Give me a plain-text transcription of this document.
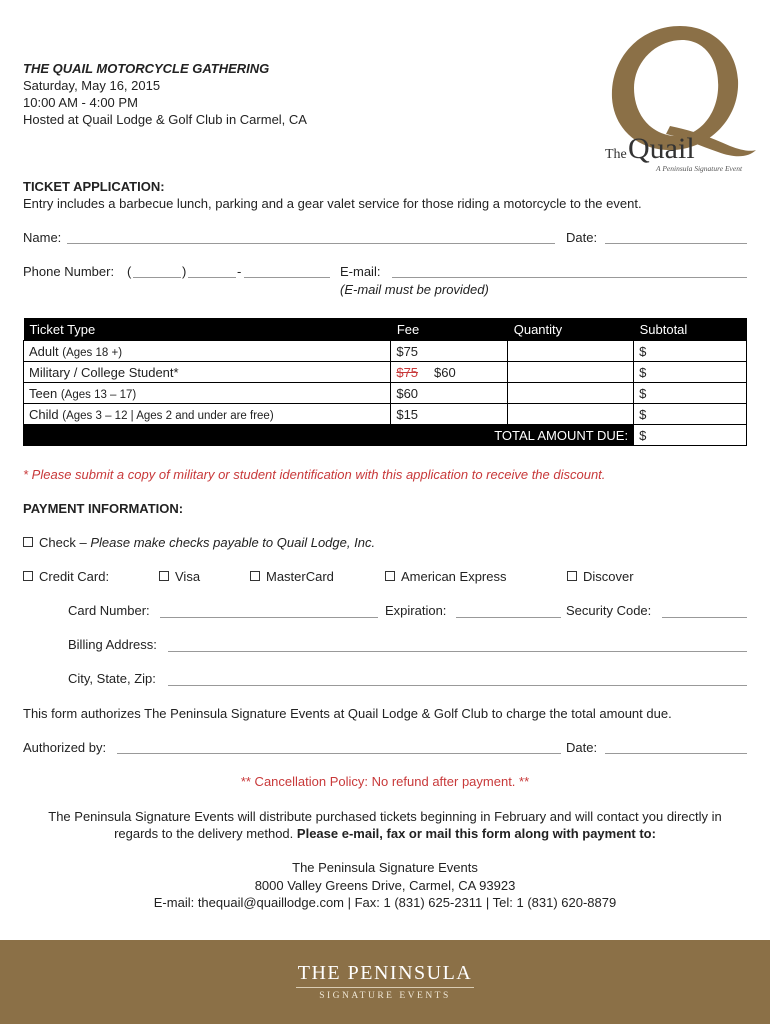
THE QUAIL MOTORCYCLE GATHERING
Saturday, May 16, 2015
10:00 AM - 4:00 PM
Hosted at Quail Lodge & Golf Club in Carmel, CA
The Quail
A Peninsula Signature Event
TICKET APPLICATION:
Entry includes a barbecue lunch, parking and a gear valet service for those riding a motorcycle to the event.
Name:	Date:
Phone Number: (	)	-	E-mail:
(E-mail must be provided)
Ticket Type	Fee	Quantity	Subtotal
Adult (Ages 18 +)	$75		$
Military / College Student*	$75 $60		$
Teen (Ages 13 – 17)	$60		$
Child (Ages 3 – 12 | Ages 2 and under are free)	$15		$
TOTAL AMOUNT DUE:			$
* Please submit a copy of military or student identification with this application to receive the discount.
PAYMENT INFORMATION:
Check – Please make checks payable to Quail Lodge, Inc.
Credit Card:	Visa	MasterCard	American Express	Discover
Card Number:	Expiration:	Security Code:
Billing Address:
City, State, Zip:
This form authorizes The Peninsula Signature Events at Quail Lodge & Golf Club to charge the total amount due.
Authorized by:	Date:
** Cancellation Policy: No refund after payment. **
The Peninsula Signature Events will distribute purchased tickets beginning in February and will contact you directly in
regards to the delivery method. Please e-mail, fax or mail this form along with payment to:
The Peninsula Signature Events
8000 Valley Greens Drive, Carmel, CA 93923
E-mail: thequail@quaillodge.com | Fax: 1 (831) 625-2311 | Tel: 1 (831) 620-8879
THE PENINSULA
SIGNATURE EVENTS
